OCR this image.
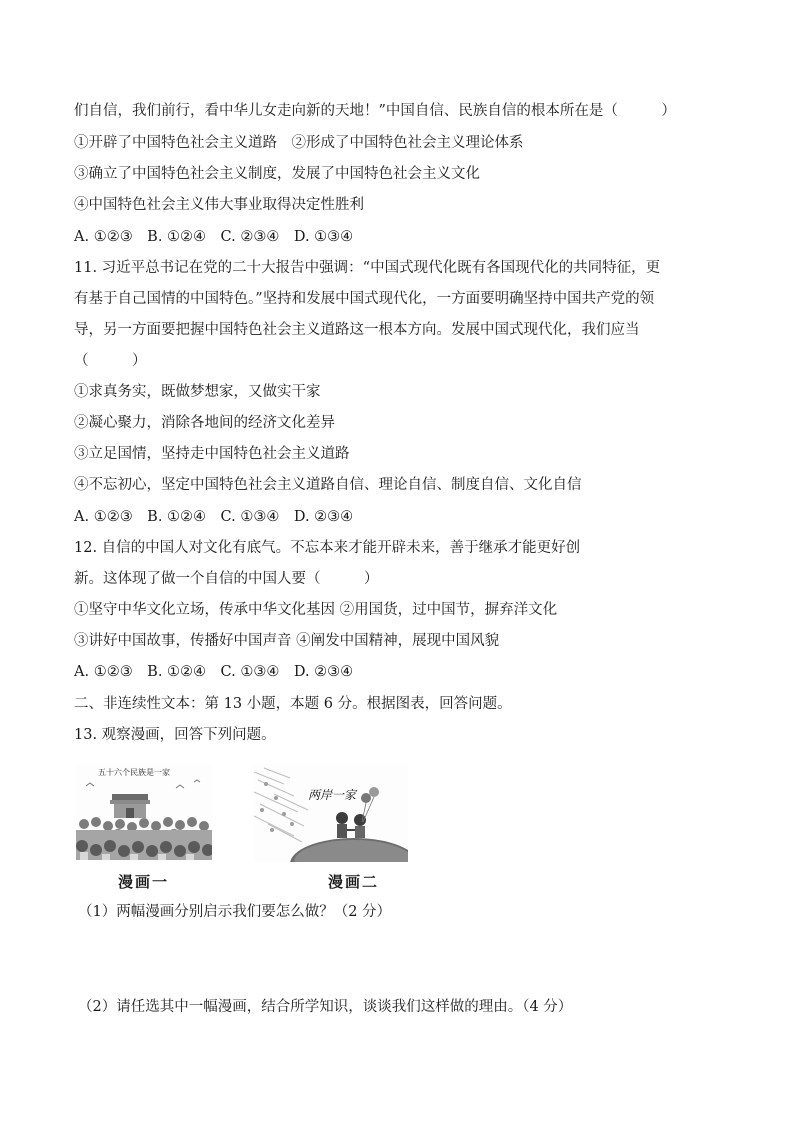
们自信，我们前行，看中华儿女走向新的天地！”中国自信、民族自信的根本所在是（　　　）
①开辟了中国特色社会主义道路　②形成了中国特色社会主义理论体系
③确立了中国特色社会主义制度，发展了中国特色社会主义文化
④中国特色社会主义伟大事业取得决定性胜利
A. ①②③　B. ①②④　C. ②③④　D. ①③④
11. 习近平总书记在党的二十大报告中强调：“中国式现代化既有各国现代化的共同特征，更
有基于自己国情的中国特色。”坚持和发展中国式现代化，一方面要明确坚持中国共产党的领
导，另一方面要把握中国特色社会主义道路这一根本方向。发展中国式现代化，我们应当
（　　　）
①求真务实，既做梦想家，又做实干家
②凝心聚力，消除各地间的经济文化差异
③立足国情，坚持走中国特色社会主义道路
④不忘初心，坚定中国特色社会主义道路自信、理论自信、制度自信、文化自信
A. ①②③　B. ①②④　C. ①③④　D. ②③④
12. 自信的中国人对文化有底气。不忘本来才能开辟未来，善于继承才能更好创
新。这体现了做一个自信的中国人要（　　　）
①坚守中华文化立场，传承中华文化基因 ②用国货，过中国节，摒弃洋文化
③讲好中国故事，传播好中国声音 ④阐发中国精神，展现中国风貌
A. ①②③　B. ①②④　C. ①③④　D. ②③④
二、非连续性文本：第 13 小题，本题 6 分。根据图表，回答问题。
13. 观察漫画，回答下列问题。
五十六个民族是一家
漫画一
两岸一家
漫画二
（1）两幅漫画分别启示我们要怎么做？（2 分）
（2）请任选其中一幅漫画，结合所学知识，谈谈我们这样做的理由。（4 分）
